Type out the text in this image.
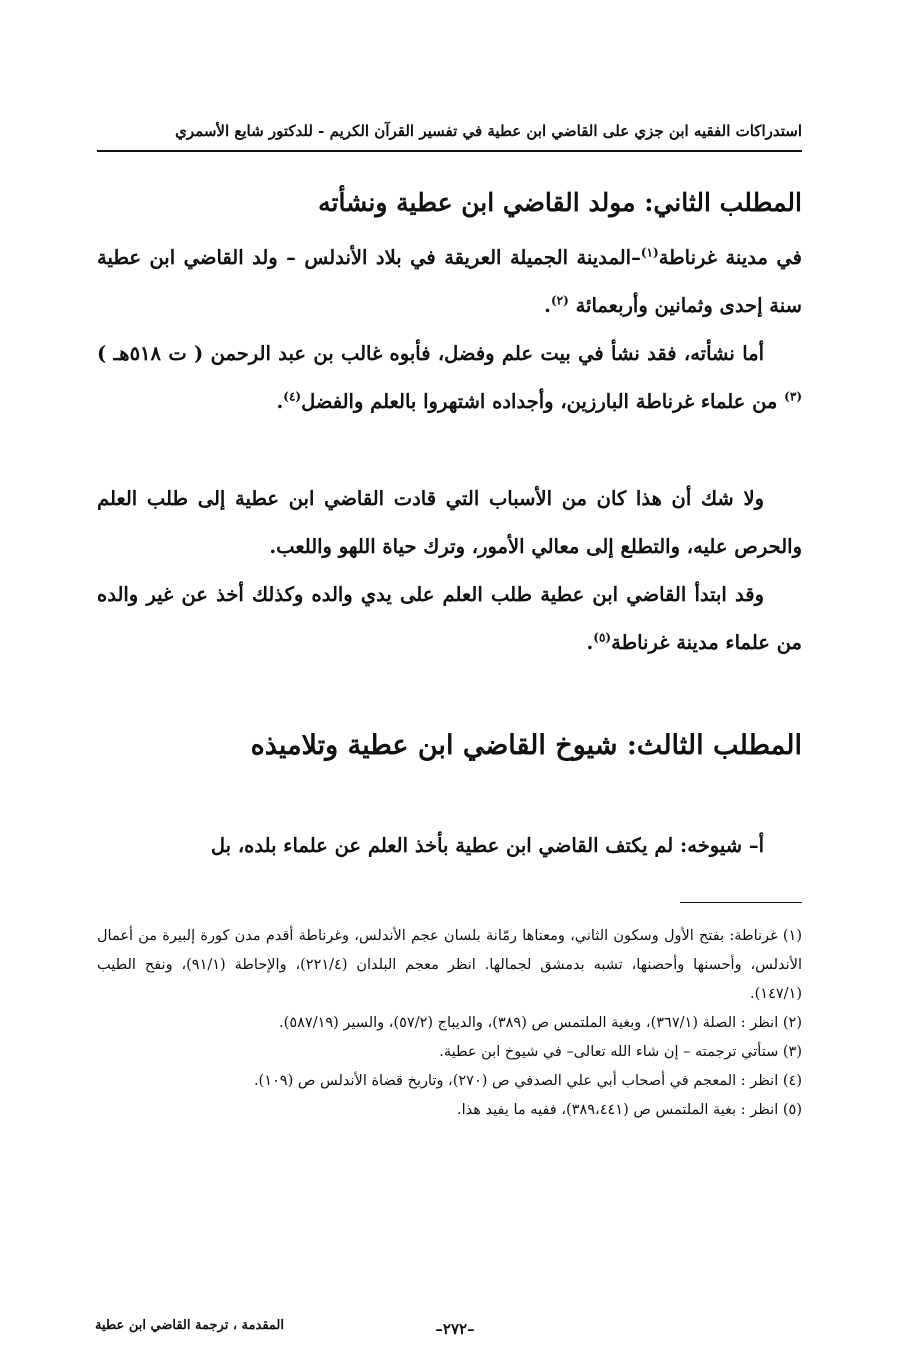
استدراكات الفقيه ابن جزي على القاضي ابن عطية في تفسير القرآن الكريم - للدكتور شايع الأسمري
المطلب الثاني: مولد القاضي ابن عطية ونشأته
في مدينة غرناطة$^{(١)}$–المدينة الجميلة العريقة في بلاد الأندلس – ولد القاضي ابن عطية سنة إحدى وثمانين وأربعمائة $^{(٢)}$.
أما نشأته، فقد نشأ في بيت علم وفضل، فأبوه غالب بن عبد الرحمن ( ت ٥١٨هـ )$^{(٣)}$ من علماء غرناطة البارزين، وأجداده اشتهروا بالعلم والفضل$^{(٤)}$.
ولا شك أن هذا كان من الأسباب التي قادت القاضي ابن عطية إلى طلب العلم والحرص عليه، والتطلع إلى معالي الأمور، وترك حياة اللهو واللعب.
وقد ابتدأ القاضي ابن عطية طلب العلم على يدي والده وكذلك أخذ عن غير والده من علماء مدينة غرناطة$^{(٥)}$.
المطلب الثالث: شيوخ القاضي ابن عطية وتلاميذه
أ– شيوخه: لم يكتف القاضي ابن عطية بأخذ العلم عن علماء بلده، بل

(١) غرناطة: بفتح الأول وسكون الثاني، ومعناها رمّانة بلسان عجم الأندلس، وغرناطة أقدم مدن كورة إلبيرة من أعمال الأندلس، وأحسنها وأحصنها، تشبه بدمشق لجمالها. انظر معجم البلدان (٢٢١/٤)، والإحاطة (٩١/١)، ونفح الطيب (١٤٧/١).

(٢) انظر : الصلة (٣٦٧/١)، وبغية الملتمس ص (٣٨٩)، والديباج (٥٧/٢)، والسير (٥٨٧/١٩).

(٣) ستأتي ترجمته – إن شاء الله تعالى– في شيوخ ابن عطية.

(٤) انظر : المعجم في أصحاب أبي علي الصدفي ص (٢٧٠)، وتاريخ قضاة الأندلس ص (١٠٩).

(٥) انظر : بغية الملتمس ص (٣٨٩،٤٤١)، ففيه ما يفيد هذا.

–٢٧٢–
المقدمة ، ترجمة القاضي ابن عطية
